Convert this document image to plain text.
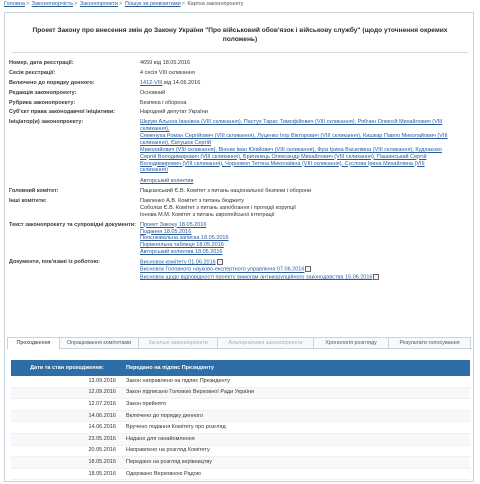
Головна> Законотворчість> Законопроекти> Пошук за реквізитами> Картка законопроекту
Проект Закону про внесення змін до Закону України "Про військовий обов'язок і військову службу" (щодо уточнення окремих положень)
Номер, дата реєстрації:	4659 від 18.05.2016
Сесія реєстрації:	4 сесія VIII скликання
Включено до порядку денного:	1412-VIII від 14.06.2016
Редакція законопроекту:	Основний
Рубрика законопроекту:	Безпека і оборона
Суб'єкт права законодавчої ініціативи:	Народний депутат України
Ініціатор(и) законопроекту:	Шкрум Альона Іванівна (VIII скликання), Пастух Тарас Тимофійович (VIII скликання), Рябчин Олексій Михайлович (VIII скликання),
Семенуха Роман Сергійович (VIII скликання), Луценко Ігор Вікторович (VIII скликання), Кишкар Павло Миколайович (VIII скликання), Євтушок Сергій
Миколайович (VIII скликання), Вінник Іван Юлійович (VIII скликання), Фріз Ірина Василівна (VIII скликання), Кудлаєнко
Сергій Володимирович (VIII скликання), Бригинець Олександр Михайлович (VIII скликання), Пашинський Сергій
Володимирович (VIII скликання), Чорновол Тетяна Миколаївна (VIII скликання), Суслова Ірина Михайлівна (VIII
скликання)
Авторський колектив
Головний комітет:	Пацканський Є.В. Комітет з питань національної безпеки і оборони
Інші комітети:	Павленко А.В. Комітет з питань бюджету
Соболєв Є.В. Комітет з питань запобігання і протидії корупції
Іонова М.М. Комітет з питань європейської інтеграції
Текст законопроекту та супровідні документи: Проект Закону 18.05.2016
Подання 18.05.2016
Пояснювальна записка 18.05.2016
Порівняльна таблиця 18.05.2016
Авторський колектив 18.05.2016
Документи, пов'язані із роботою:	Висновок комітету 01.06.2016
Висновок Головного науково-експертного управління 07.06.2016
Висновок щодо відповідності проекту вимогам антикорупційного законодавства 15.06.2016
Проходження	Опрацювання комітетами	Загальні законопроекти	Альтернативні законопроекти	Хронологія розгляду	Результати голосування
Дати та стан проходження:	Передано на підпис Президенту
13.09.2016	Закон направлено на підпис Президенту
12.09.2016	Закон підписано Головою Верховної Ради України
12.07.2016	Закон прийнято
14.06.2016	Включено до порядку денного
14.06.2016	Вручено подання Комітету про розгляд
23.05.2016	Надано для ознайомлення
20.05.2016	Направлено на розгляд Комітету
18.05.2016	Передано на розгляд керівництву
18.05.2016	Одержано Верховною Радою
